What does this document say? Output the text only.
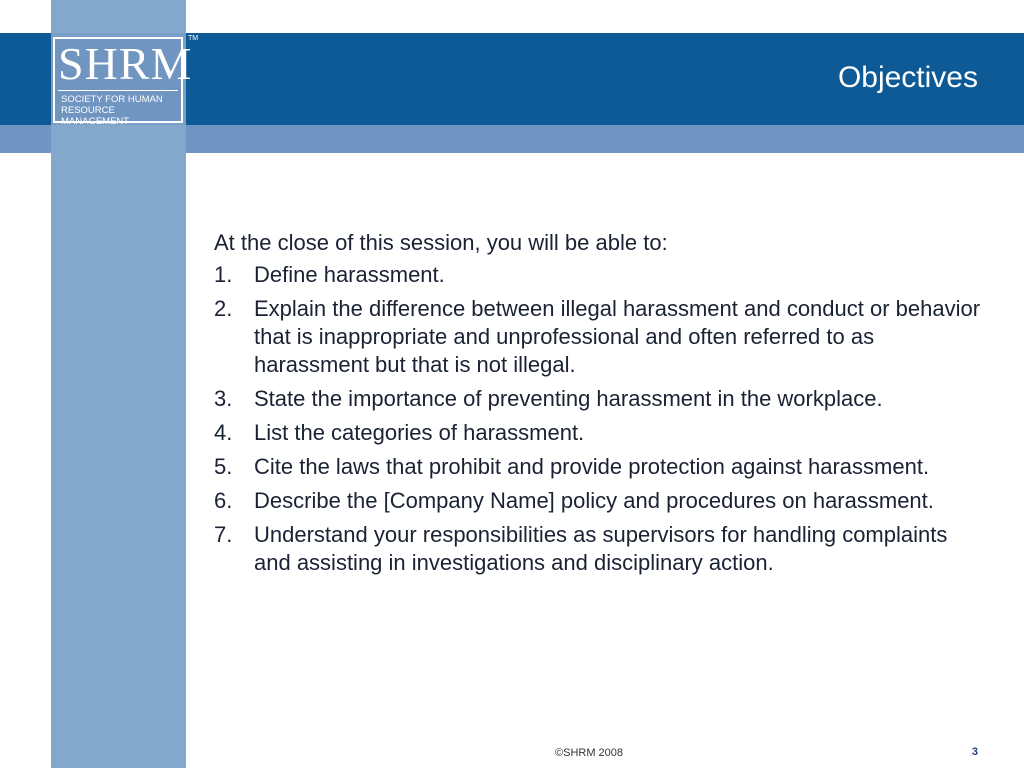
SHRM
SOCIETY FOR HUMAN
RESOURCE MANAGEMENT
TM
Objectives
At the close of this session, you will be able to:
1. Define harassment.
2. Explain the difference between illegal harassment and conduct or behavior that is inappropriate and unprofessional and often referred to as harassment but that is not illegal.
3. State the importance of preventing harassment in the workplace.
4. List the categories of harassment.
5. Cite the laws that prohibit and provide protection against harassment.
6. Describe the [Company Name] policy and procedures on harassment.
7. Understand your responsibilities as supervisors for handling complaints and assisting in investigations and disciplinary action.
©SHRM 2008	3
